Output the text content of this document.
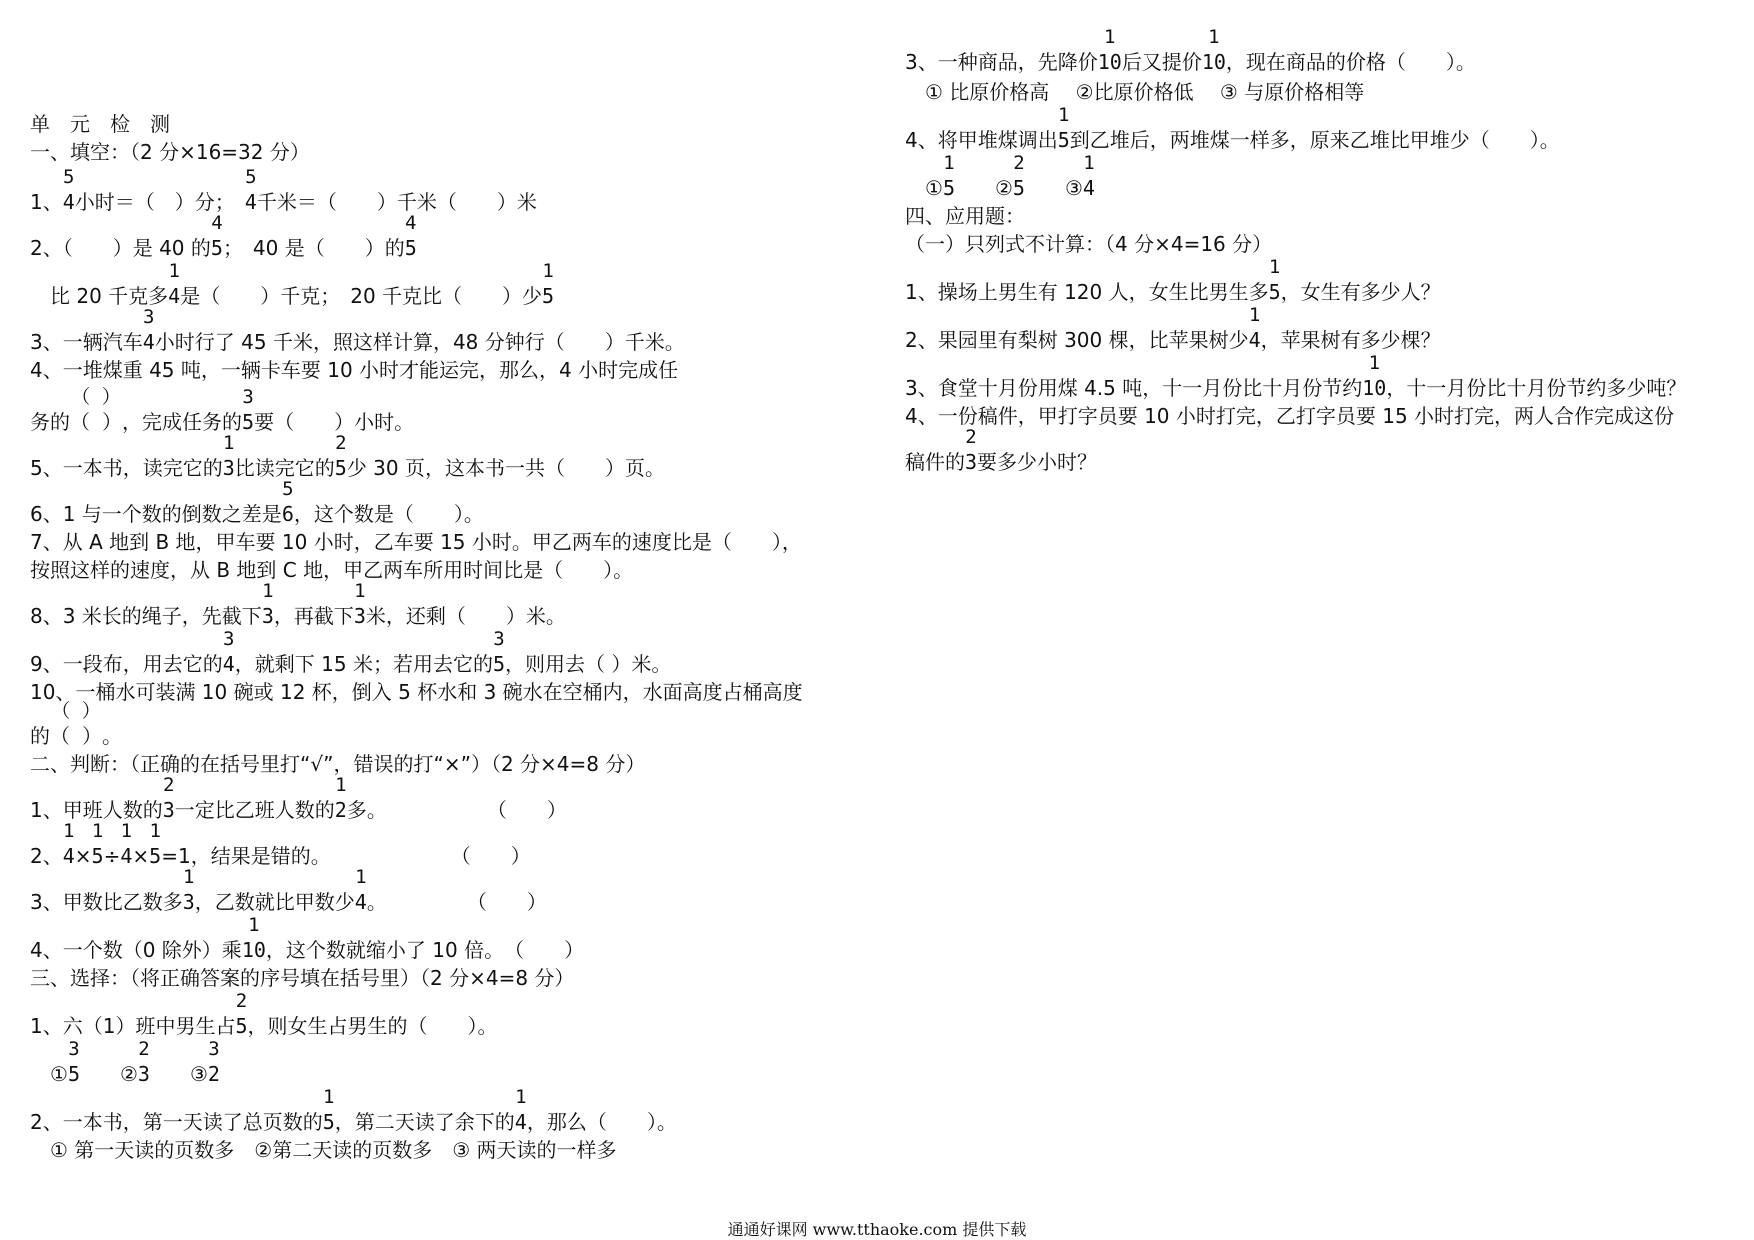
单　元　检　测
一、填空：（2 分×16=32 分）
1、
5
4小时＝（　）分；　
5
4千米＝（　　）千米（　　）米
2、（　　）是 40 的
4
5；　40 是（　　）的
4
5
　比 20 千克多
1
4是（　　）千克；　20 千克比（　　）少
1
5
3、一辆汽车
3
4小时行了 45 千米，照这样计算，48 分钟行（　　）千米。
4、一堆煤重 45 吨，一辆卡车要 10 小时才能运完，那么，4 小时完成任
务的
（ ）
（ ），完成任务的
3
5要（　　）小时。
5、一本书，读完它的
1
3比读完它的
2
5少 30 页，这本书一共（　　）页。
6、1 与一个数的倒数之差是
5
6，这个数是（　　）。
7、从 A 地到 B 地，甲车要 10 小时，乙车要 15 小时。甲乙两车的速度比是（　　），
按照这样的速度，从 B 地到 C 地，甲乙两车所用时间比是（　　）。
8、3 米长的绳子，先截下
1
3，再截下
1
3米，还剩（　　）米。
9、一段布，用去它的
3
4，就剩下 15 米；若用去它的
3
5，则用去（ ）米。
10、一桶水可装满 10 碗或 12 杯，倒入 5 杯水和 3 碗水在空桶内，水面高度占桶高度
的
（ ）
（ ）。
二、判断：（正确的在括号里打“√”，错误的打“×”）（2 分×4=8 分）
1、甲班人数的
2
3一定比乙班人数的
1
2多。　　　　　　（　　）
2、
1
4×
1
5÷
1
4×
1
5=1，结果是错的。　　　　　　　（　　）
3、甲数比乙数多
1
3，乙数就比甲数少
1
4。　　　　　（　　）
4、一个数（0 除外）乘
1
10，这个数就缩小了 10 倍。　（　　）
三、选择：（将正确答案的序号填在括号里）（2 分×4=8 分）
1、六（1）班中男生占
2
5，则女生占男生的（　　）。
　①
3
5　　②
2
3　　③
3
2
2、一本书，第一天读了总页数的
1
5，第二天读了余下的
1
4，那么（　　）。
　① 第一天读的页数多　②第二天读的页数多　③ 两天读的一样多
3、一种商品，先降价
1
10后又提价
1
10，现在商品的价格（　　）。
　① 比原价格高　 ②比原价格低　 ③ 与原价格相等
4、将甲堆煤调出
1
5到乙堆后，两堆煤一样多，原来乙堆比甲堆少（　　）。
　①
1
5　　②
2
5　　③
1
4
四、应用题：
（一）只列式不计算：（4 分×4=16 分）
1、操场上男生有 120 人，女生比男生多
1
5，女生有多少人？
2、果园里有梨树 300 棵，比苹果树少
1
4，苹果树有多少棵？
3、食堂十月份用煤 4.5 吨，十一月份比十月份节约
1
10，十一月份比十月份节约多少吨？
4、一份稿件，甲打字员要 10 小时打完，乙打字员要 15 小时打完，两人合作完成这份
稿件的
2
3要多少小时？
通通好课网 www.tthaoke.com 提供下载
